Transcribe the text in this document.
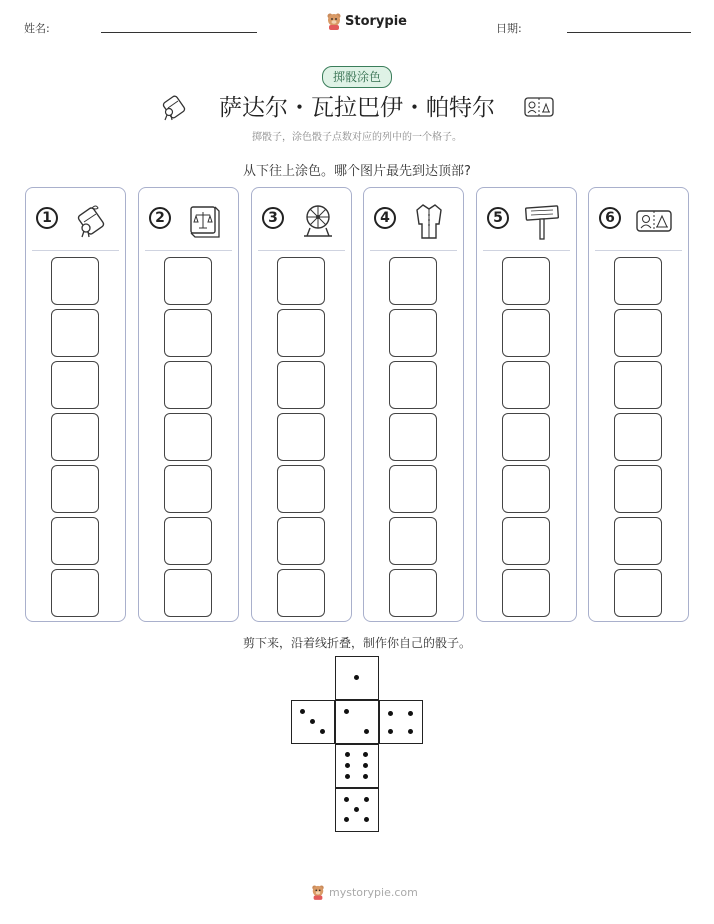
姓名:	Storypie	日期:
掷骰涂色
萨达尔・瓦拉巴伊・帕特尔
掷骰子，涂色骰子点数对应的列中的一个格子。
从下往上涂色。哪个图片最先到达顶部?
1	2	3	4	5	6
剪下来，沿着线折叠，制作你自己的骰子。
mystorypie.com
